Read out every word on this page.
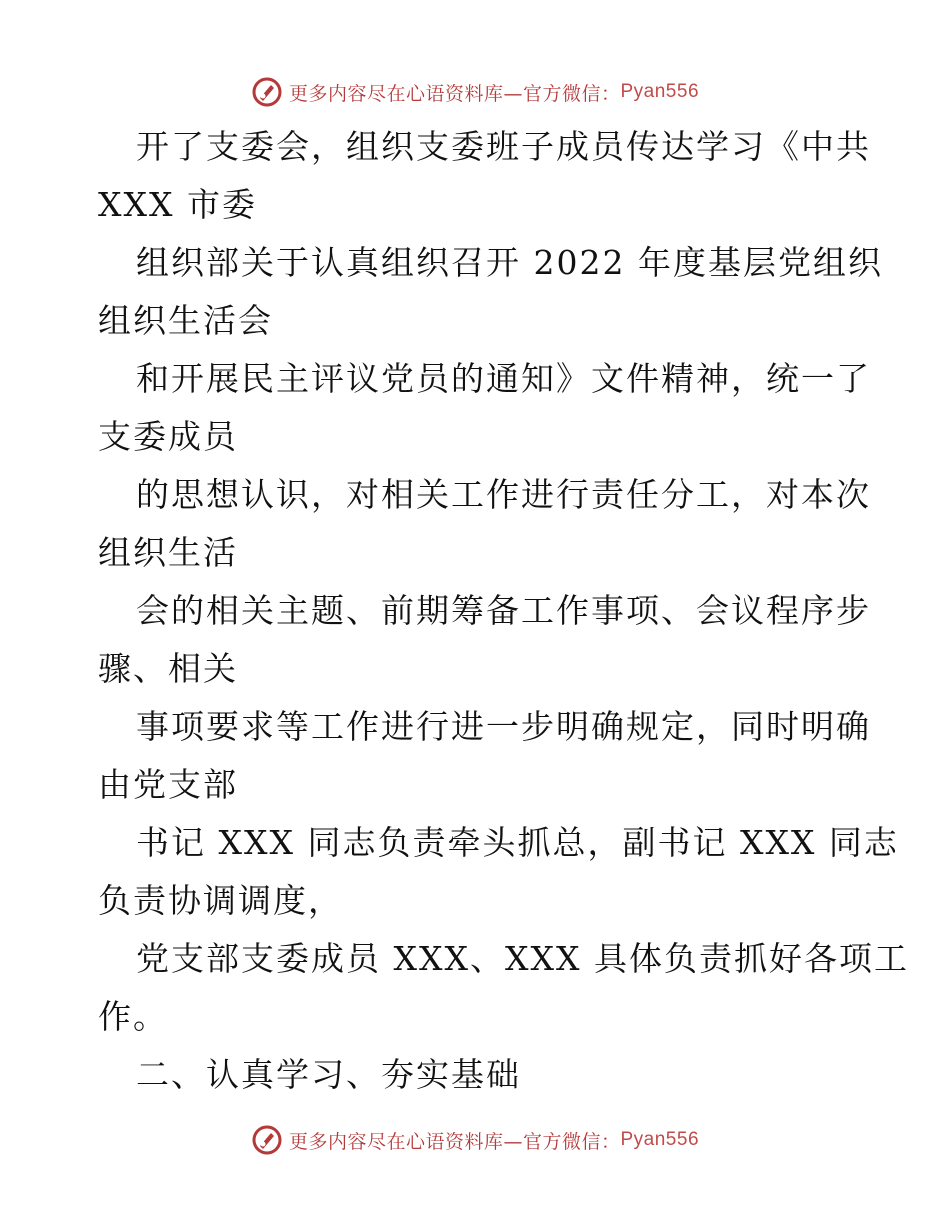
更多内容尽在心语资料库—官方微信： Pyan556
开了支委会，组织支委班子成员传达学习《中共
XXX 市委
组织部关于认真组织召开 2022 年度基层党组织
组织生活会
和开展民主评议党员的通知》文件精神，统一了
支委成员
的思想认识，对相关工作进行责任分工，对本次
组织生活
会的相关主题、前期筹备工作事项、会议程序步
骤、相关
事项要求等工作进行进一步明确规定，同时明确
由党支部
书记 XXX 同志负责牵头抓总，副书记 XXX 同志
负责协调调度，
党支部支委成员 XXX、XXX 具体负责抓好各项工
作。
二、认真学习、夯实基础
更多内容尽在心语资料库—官方微信： Pyan556
